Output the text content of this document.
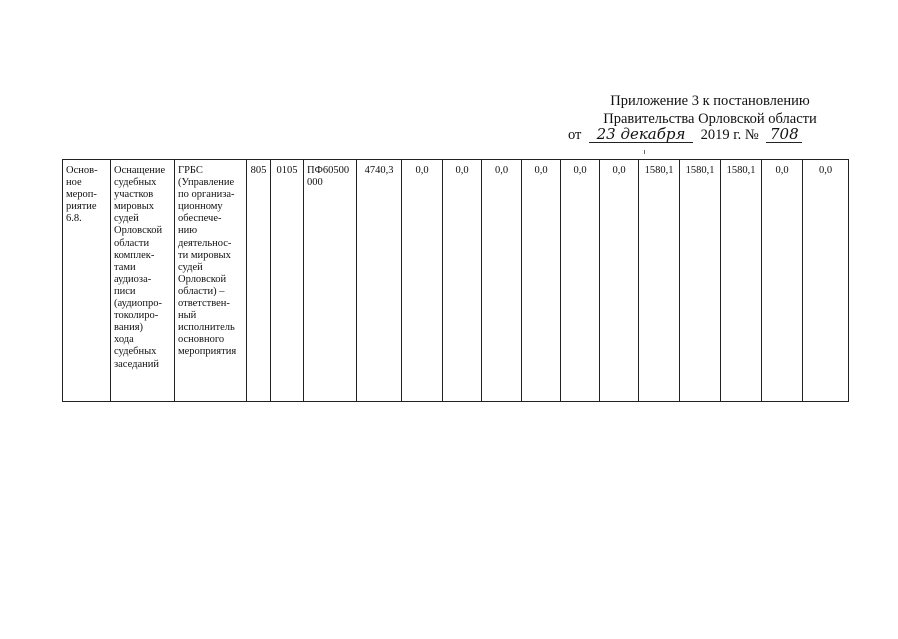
Приложение 3 к постановлению
Правительства Орловской области
от 23 декабря 2019 г. № 708
Основ-
ное
мероп-
риятие
6.8.	Оснащение
судебных
участков
мировых
судей
Орловской
области
комплек-
тами
аудиоза-
писи
(аудиопро-
токолиро-
вания)
хода
судебных
заседаний	ГРБС
(Управление
по организа-
ционному
обеспече-
нию
деятельнос-
ти мировых
судей
Орловской
области) –
ответствен-
ный
исполнитель
основного
мероприятия	805	0105	ПФ60500
000	4740,3	0,0	0,0	0,0	0,0	0,0	0,0	1580,1	1580,1	1580,1	0,0	0,0
